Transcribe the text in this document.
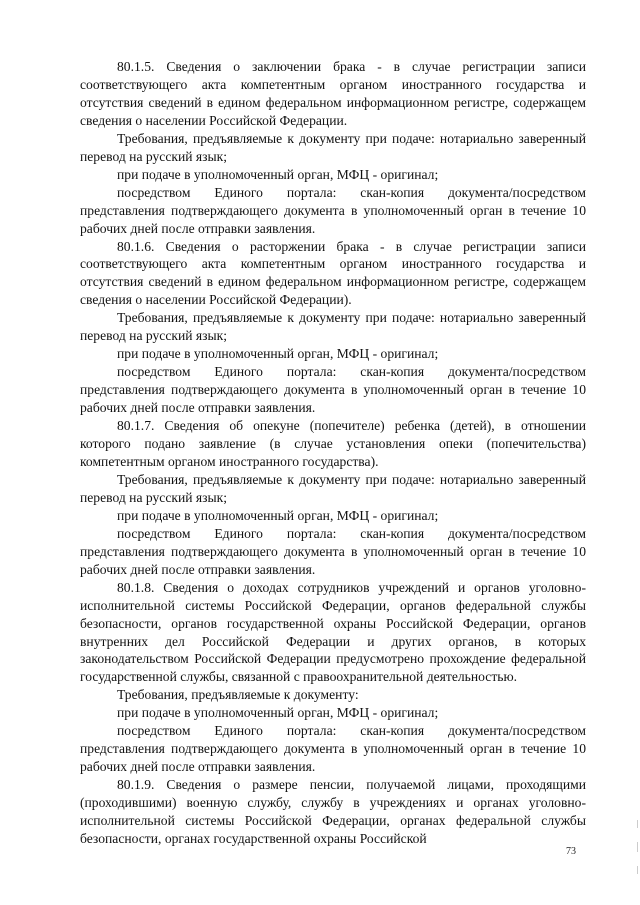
80.1.5. Сведения о заключении брака - в случае регистрации записи соответствующего акта компетентным органом иностранного государства и отсутствия сведений в едином федеральном информационном регистре, содержащем сведения о населении Российской Федерации.

Требования, предъявляемые к документу при подаче: нотариально заверенный перевод на русский язык;

при подаче в уполномоченный орган, МФЦ - оригинал;

посредством Единого портала: скан-копия документа/посредством представления подтверждающего документа в уполномоченный орган в течение 10 рабочих дней после отправки заявления.

80.1.6. Сведения о расторжении брака - в случае регистрации записи соответствующего акта компетентным органом иностранного государства и отсутствия сведений в едином федеральном информационном регистре, содержащем сведения о населении Российской Федерации).

Требования, предъявляемые к документу при подаче: нотариально заверенный перевод на русский язык;

при подаче в уполномоченный орган, МФЦ - оригинал;

посредством Единого портала: скан-копия документа/посредством представления подтверждающего документа в уполномоченный орган в течение 10 рабочих дней после отправки заявления.

80.1.7. Сведения об опекуне (попечителе) ребенка (детей), в отношении которого подано заявление (в случае установления опеки (попечительства) компетентным органом иностранного государства).

Требования, предъявляемые к документу при подаче: нотариально заверенный перевод на русский язык;

при подаче в уполномоченный орган, МФЦ - оригинал;

посредством Единого портала: скан-копия документа/посредством представления подтверждающего документа в уполномоченный орган в течение 10 рабочих дней после отправки заявления.

80.1.8. Сведения о доходах сотрудников учреждений и органов уголовно-исполнительной системы Российской Федерации, органов федеральной службы безопасности, органов государственной охраны Российской Федерации, органов внутренних дел Российской Федерации и других органов, в которых законодательством Российской Федерации предусмотрено прохождение федеральной государственной службы, связанной с правоохранительной деятельностью.

Требования, предъявляемые к документу:

при подаче в уполномоченный орган, МФЦ - оригинал;

посредством Единого портала: скан-копия документа/посредством представления подтверждающего документа в уполномоченный орган в течение 10 рабочих дней после отправки заявления.

80.1.9. Сведения о размере пенсии, получаемой лицами, проходящими (проходившими) военную службу, службу в учреждениях и органах уголовно-исполнительной системы Российской Федерации, органах федеральной службы безопасности, органах государственной охраны Российской

73
